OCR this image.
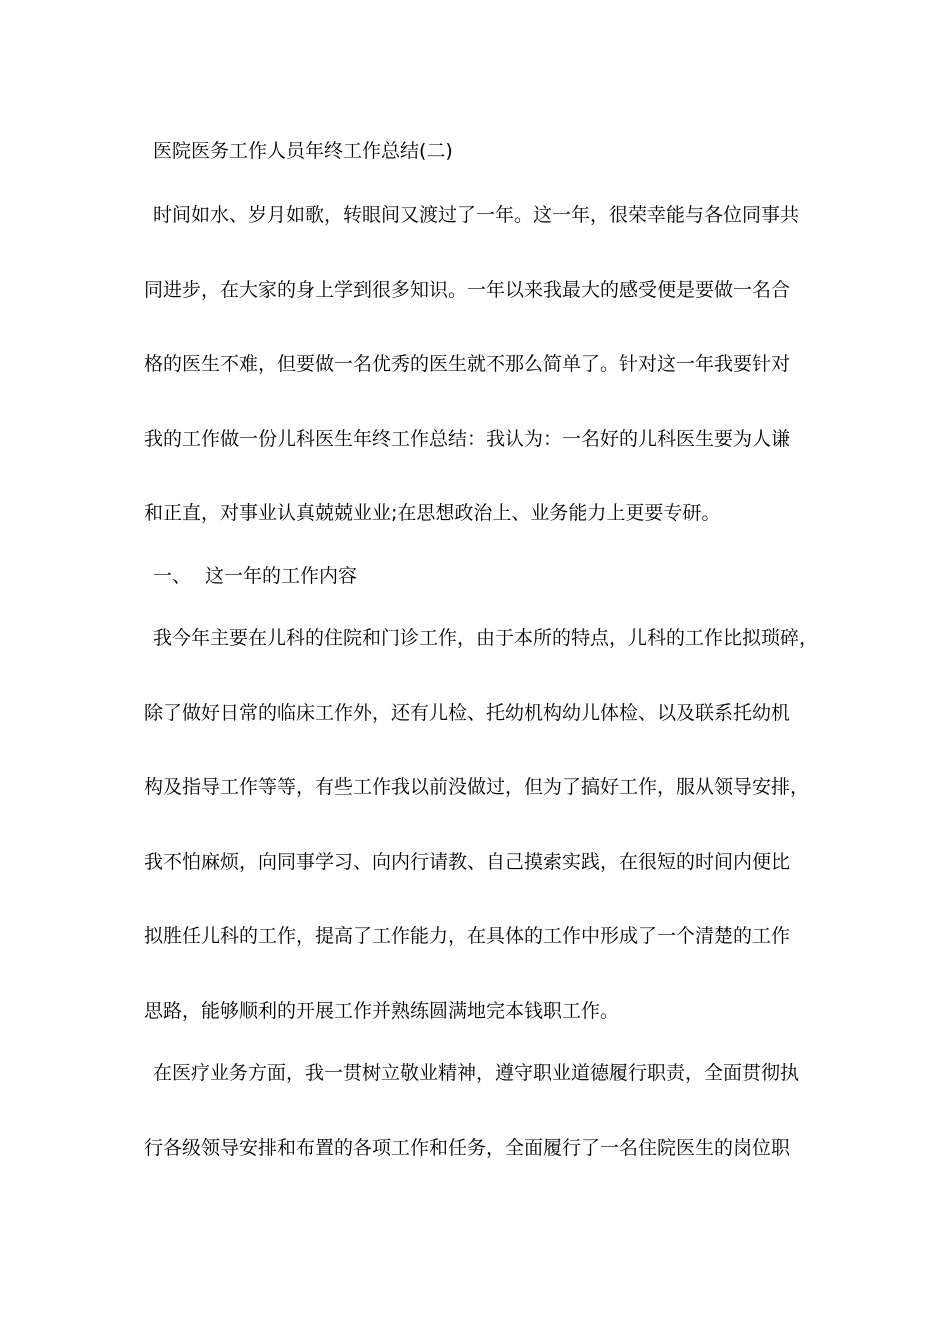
医院医务工作人员年终工作总结(二)
时间如水、岁月如歌，转眼间又渡过了一年。这一年，很荣幸能与各位同事共
同进步，在大家的身上学到很多知识。一年以来我最大的感受便是要做一名合
格的医生不难，但要做一名优秀的医生就不那么简单了。针对这一年我要针对
我的工作做一份儿科医生年终工作总结：我认为：一名好的儿科医生要为人谦
和正直，对事业认真兢兢业业;在思想政治上、业务能力上更要专研。
一、 这一年的工作内容
我今年主要在儿科的住院和门诊工作，由于本所的特点，儿科的工作比拟琐碎，
除了做好日常的临床工作外，还有儿检、托幼机构幼儿体检、以及联系托幼机
构及指导工作等等，有些工作我以前没做过，但为了搞好工作，服从领导安排，
我不怕麻烦，向同事学习、向内行请教、自己摸索实践，在很短的时间内便比
拟胜任儿科的工作，提高了工作能力，在具体的工作中形成了一个清楚的工作
思路，能够顺利的开展工作并熟练圆满地完本钱职工作。
在医疗业务方面，我一贯树立敬业精神，遵守职业道德履行职责，全面贯彻执
行各级领导安排和布置的各项工作和任务，全面履行了一名住院医生的岗位职
